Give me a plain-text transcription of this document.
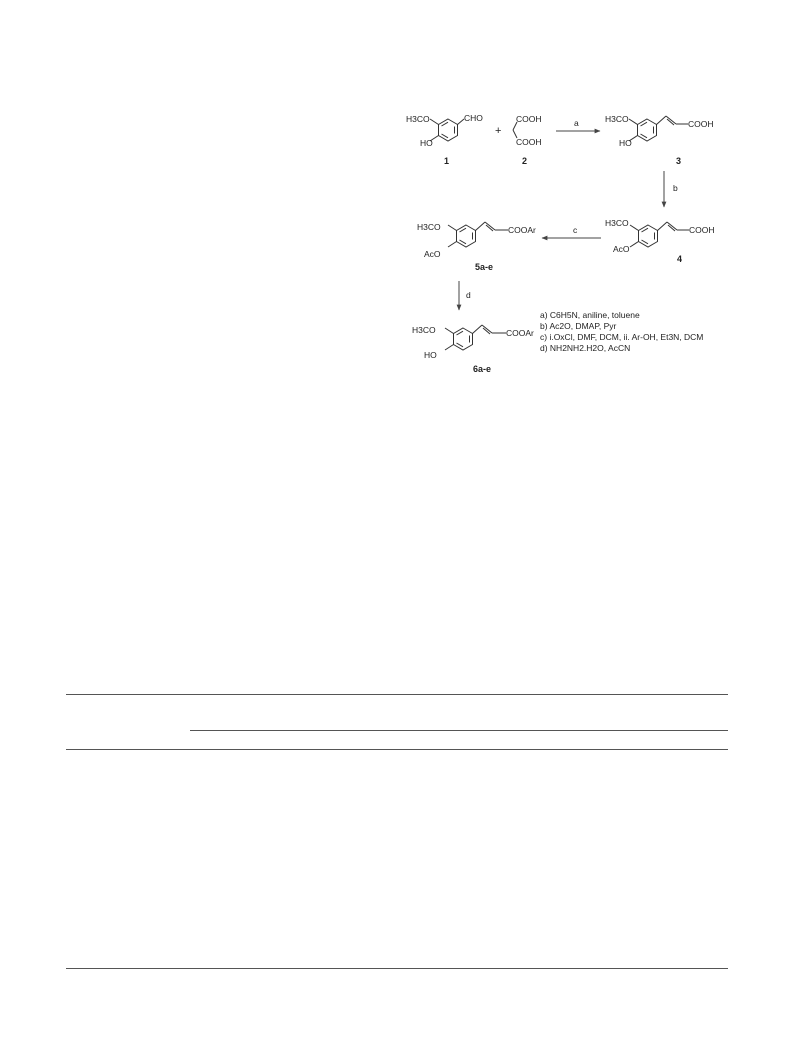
H3CO
HO
CHO
1
+
COOH
COOH
2
a	H3CO
HO
COOH
3
b
H3CO
AcO
COOH
4
c
H3CO
AcO
COOAr
5a-e
d
H3CO
HO
COOAr
6a-e
a) C6H5N, aniline, toluene
b) Ac2O, DMAP, Pyr
c) i.OxCl, DMF, DCM, ii. Ar-OH, Et3N, DCM
d) NH2NH2.H2O, AcCN
